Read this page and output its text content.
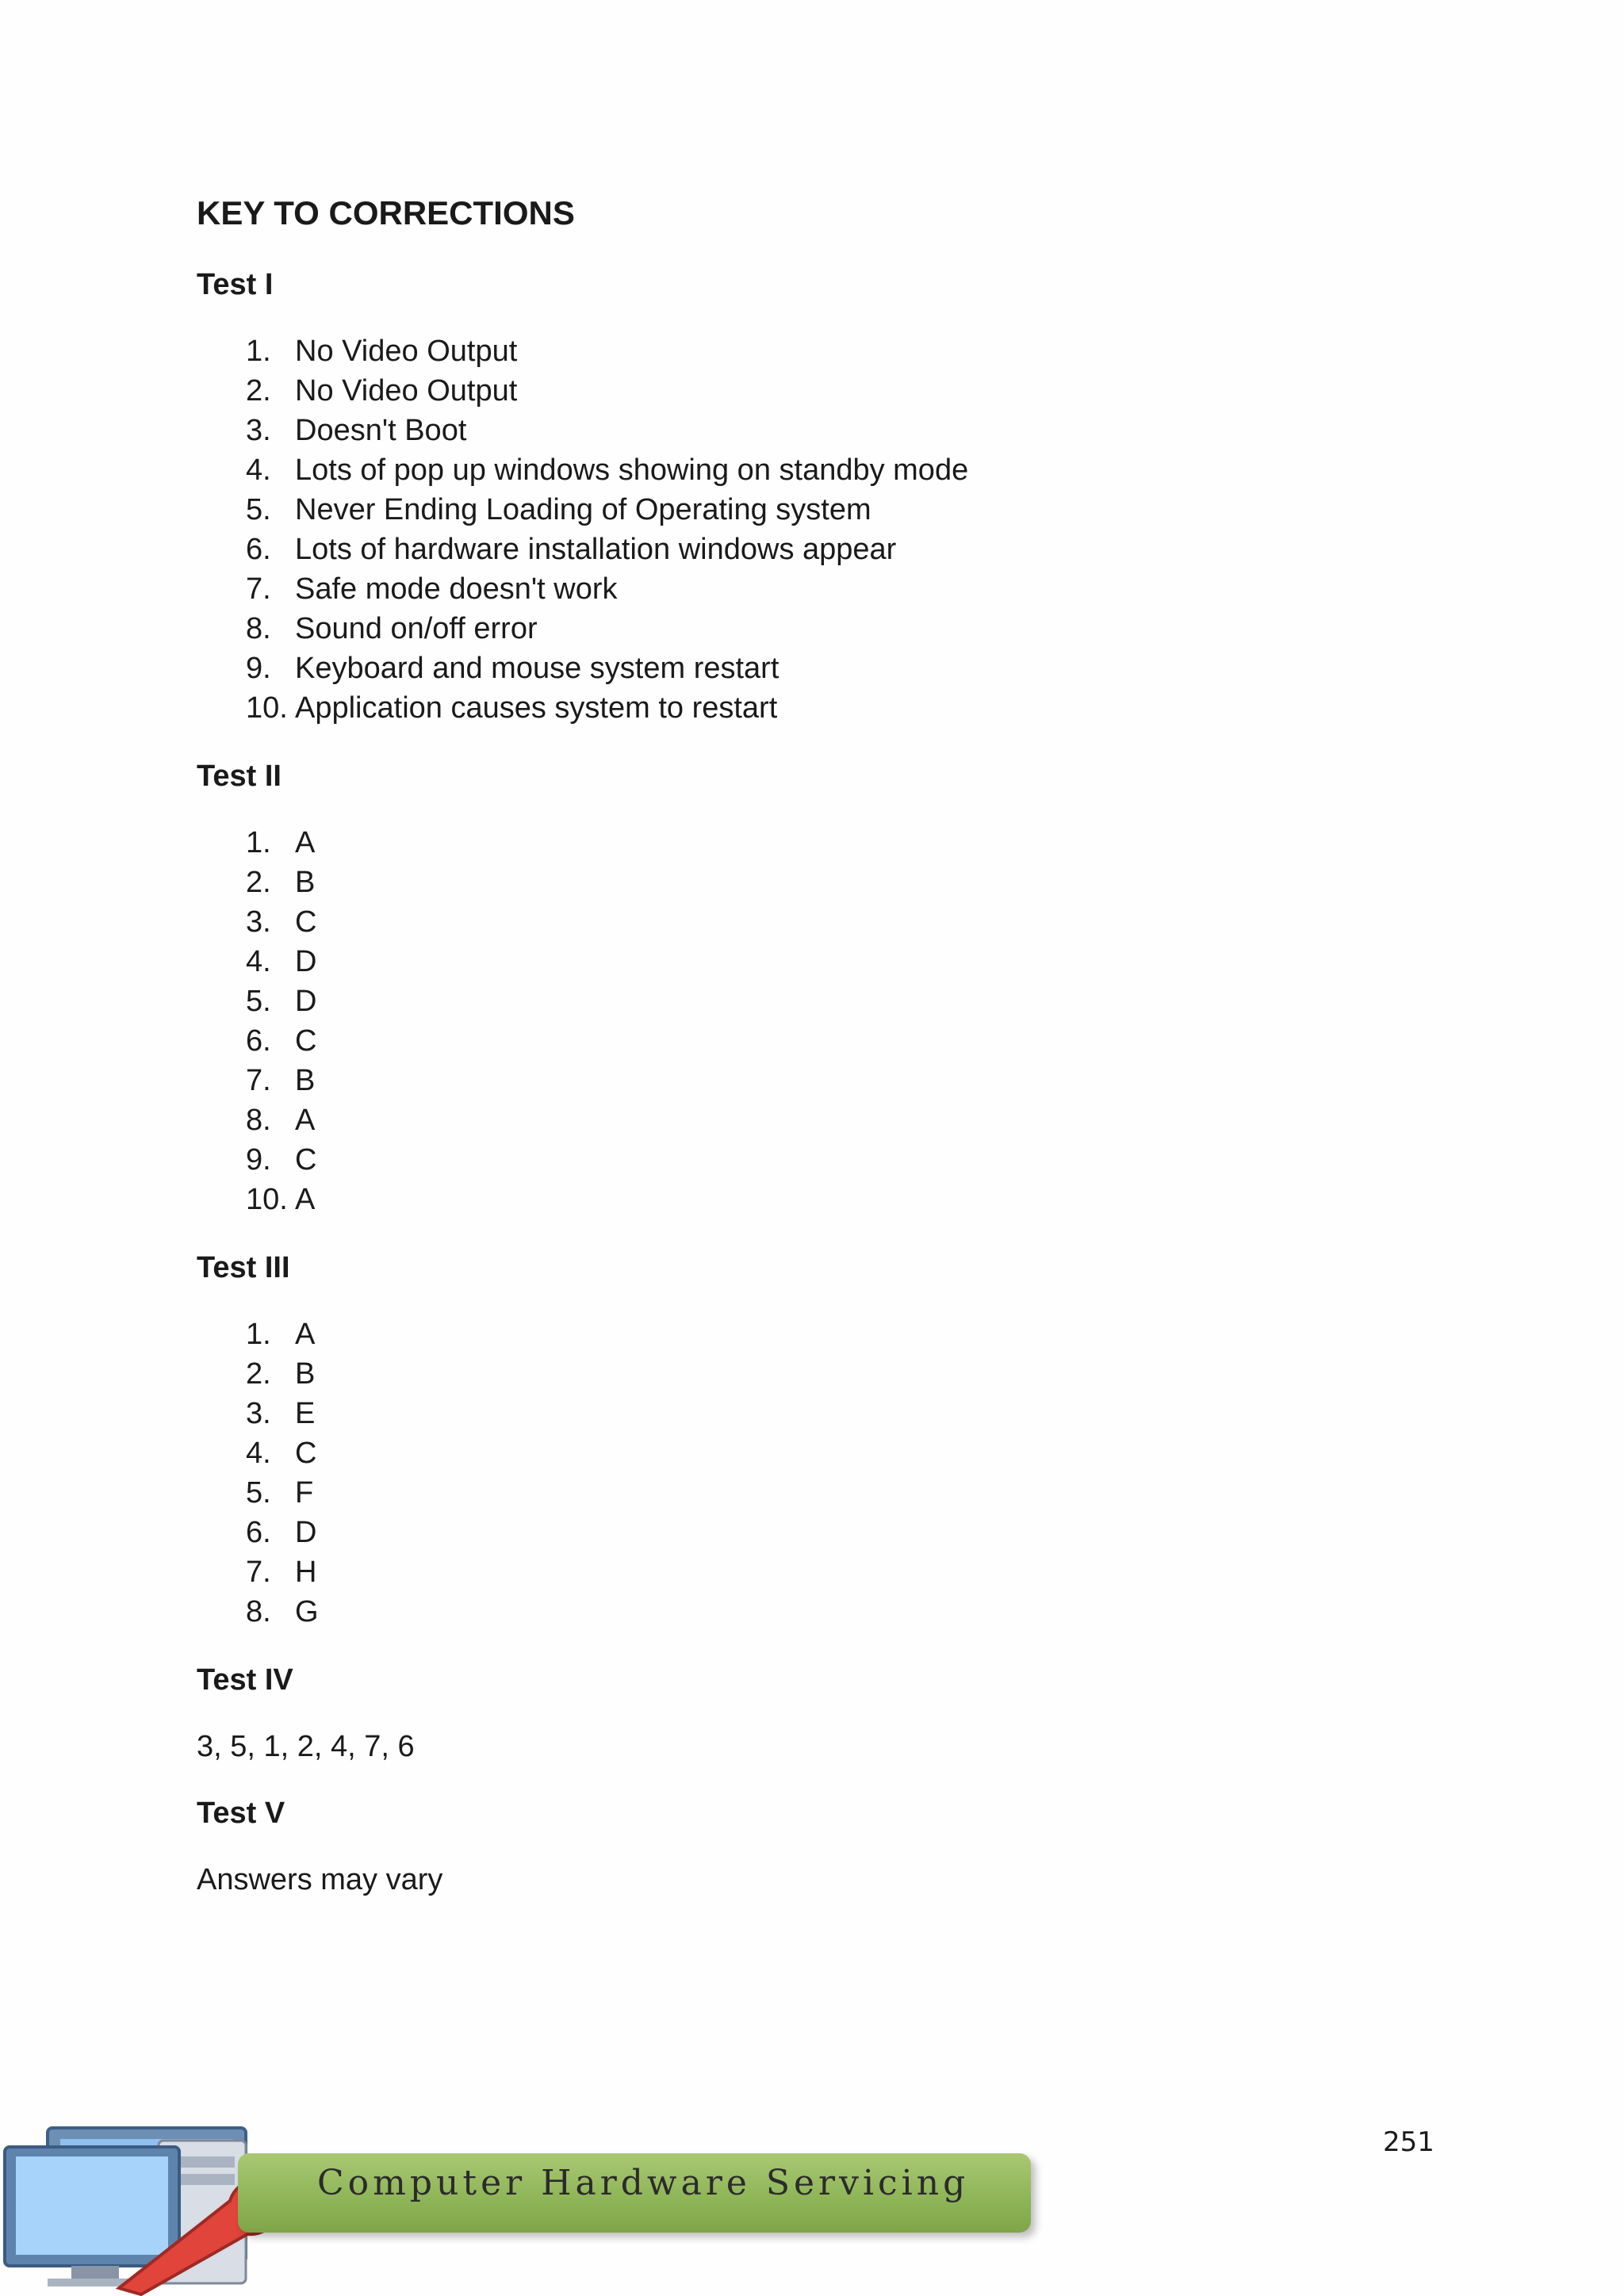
KEY TO CORRECTIONS
Test I
1. No Video Output
2. No Video Output
3. Doesn't Boot
4. Lots of pop up windows showing on standby mode
5. Never Ending Loading of Operating system
6. Lots of hardware installation windows appear
7. Safe mode doesn't work
8. Sound on/off error
9. Keyboard and mouse system restart
10. Application causes system to restart
Test II
1. A
2. B
3. C
4. D
5. D
6. C
7. B
8. A
9. C
10. A
Test III
1. A
2. B
3. E
4. C
5. F
6. D
7. H
8. G
Test IV
3, 5, 1, 2, 4, 7, 6
Test V
Answers may vary
251
Computer Hardware Servicing
